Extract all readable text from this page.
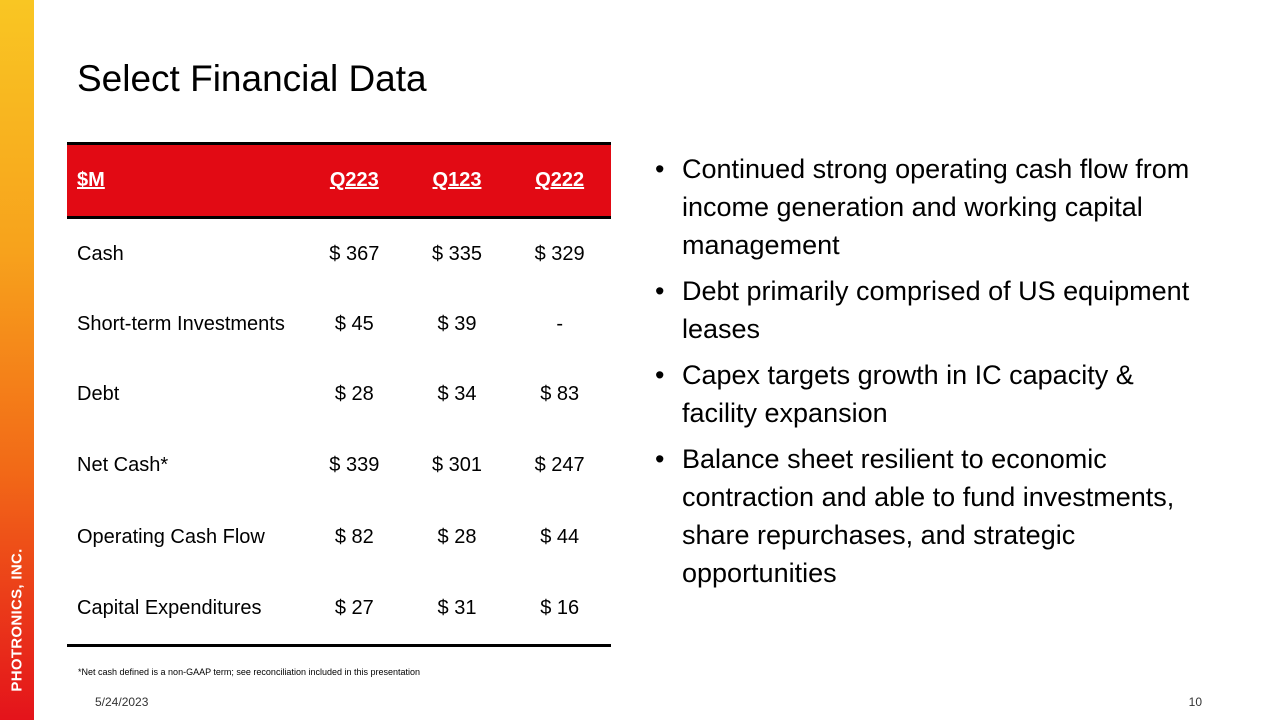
PHOTRONICS, INC.
Select Financial Data
$M	Q223	Q123	Q222
Cash	$ 367	$ 335	$ 329
Short-term Investments	$ 45	$ 39	-
Debt	$ 28	$ 34	$ 83
Net Cash*	$ 339	$ 301	$ 247
Operating Cash Flow	$ 82	$ 28	$ 44
Capital Expenditures	$ 27	$ 31	$ 16
• Continued strong operating cash flow from income generation and working capital management
• Debt primarily comprised of US equipment leases
• Capex targets growth in IC capacity & facility expansion
• Balance sheet resilient to economic contraction and able to fund investments, share repurchases, and strategic opportunities
*Net cash defined is a non-GAAP term; see reconciliation included in this presentation
5/24/2023	10
